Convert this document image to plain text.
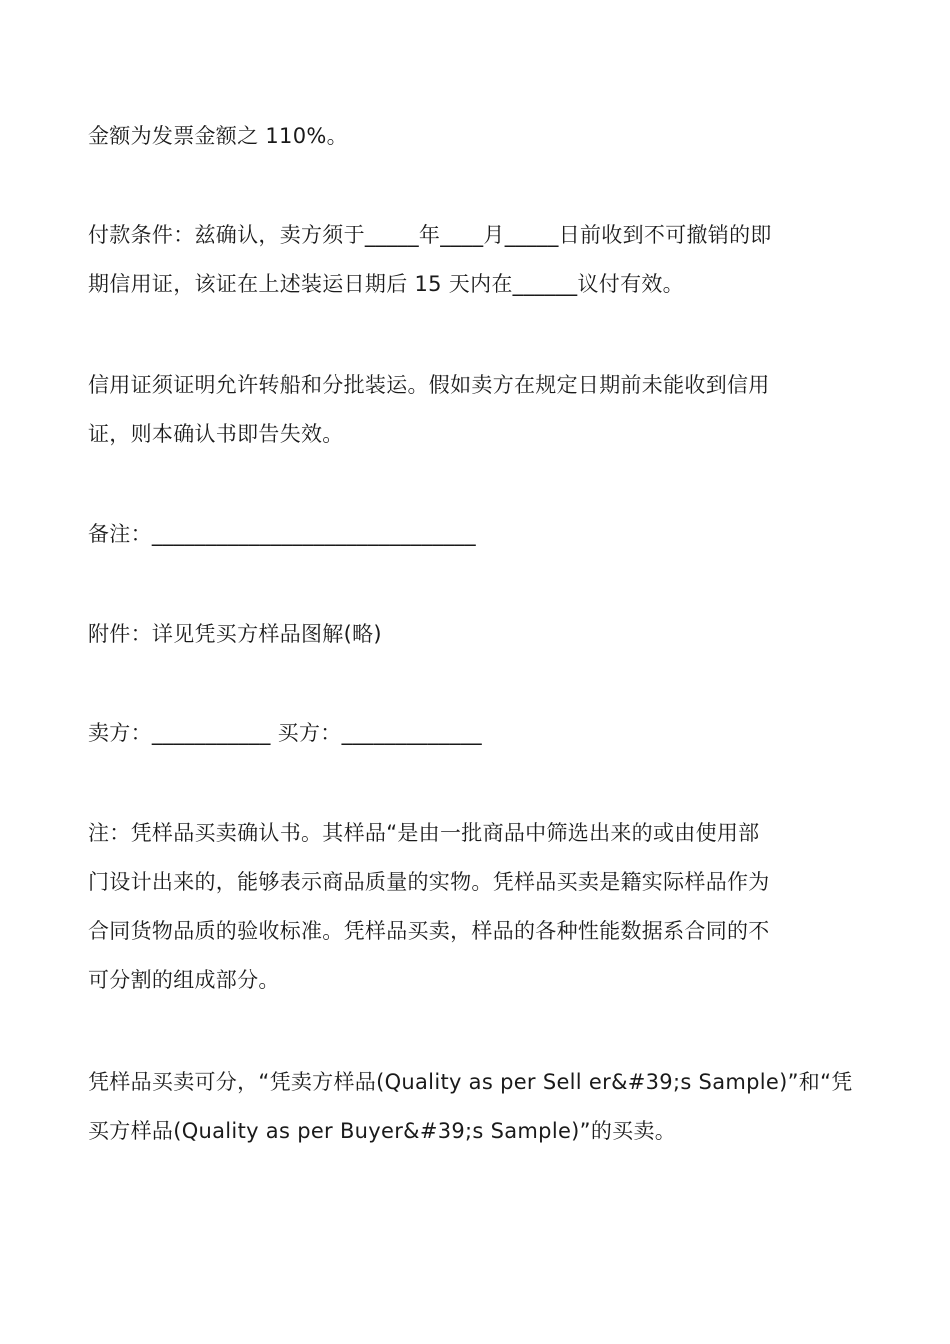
金额为发票金额之 110%。
付款条件：兹确认，卖方须于_____年____月_____日前收到不可撤销的即
期信用证，该证在上述装运日期后 15 天内在______议付有效。
信用证须证明允许转船和分批装运。假如卖方在规定日期前未能收到信用
证，则本确认书即告失效。
备注：______________________________
附件：详见凭买方样品图解(略)
卖方：___________ 买方：_____________
注：凭样品买卖确认书。其样品“是由一批商品中筛选出来的或由使用部
门设计出来的，能够表示商品质量的实物。凭样品买卖是籍实际样品作为
合同货物品质的验收标准。凭样品买卖，样品的各种性能数据系合同的不
可分割的组成部分。
凭样品买卖可分，“凭卖方样品(Quality as per Sell er&#39;s Sample)”和“凭
买方样品(Quality as per Buyer&#39;s Sample)”的买卖。
